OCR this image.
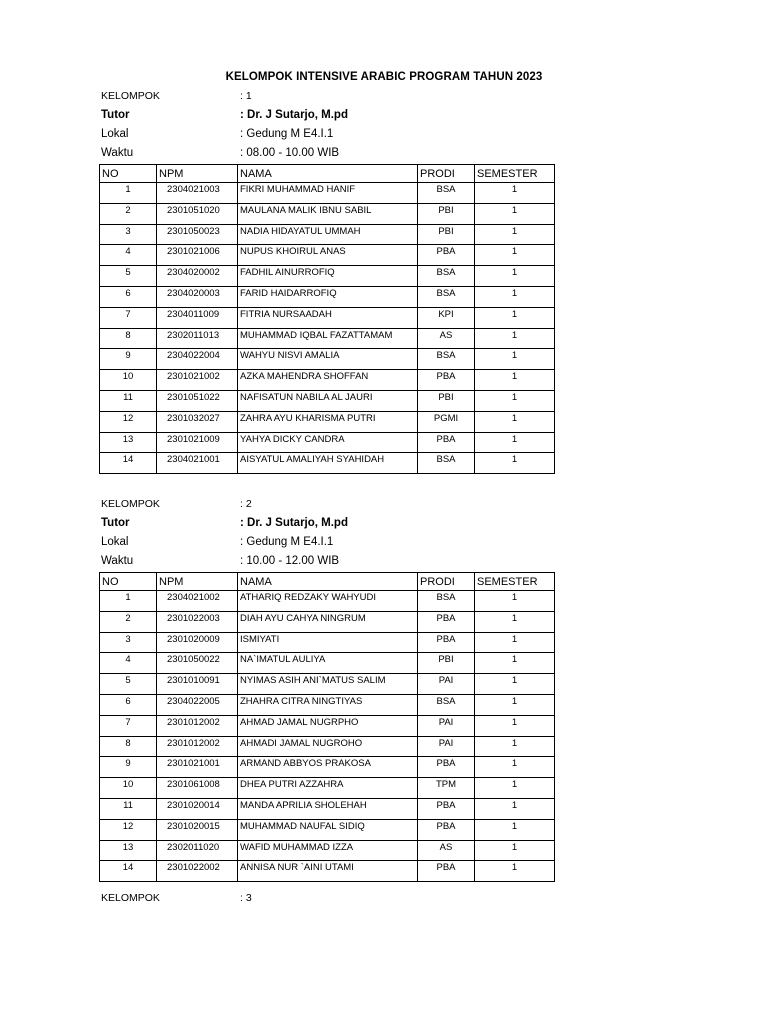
KELOMPOK INTENSIVE ARABIC PROGRAM TAHUN 2023
KELOMPOK	: 1
Tutor	: Dr. J Sutarjo, M.pd
Lokal	: Gedung M E4.I.1
Waktu	: 08.00 - 10.00 WIB
NO	NPM	NAMA	PRODI	SEMESTER
1	2304021003	FIKRI MUHAMMAD HANIF	BSA	1
2	2301051020	MAULANA MALIK IBNU SABIL	PBI	1
3	2301050023	NADIA HIDAYATUL UMMAH	PBI	1
4	2301021006	NUPUS KHOIRUL ANAS	PBA	1
5	2304020002	FADHIL AINURROFIQ	BSA	1
6	2304020003	FARID HAIDARROFIQ	BSA	1
7	2304011009	FITRIA NURSAADAH	KPI	1
8	2302011013	MUHAMMAD IQBAL FAZATTAMAM	AS	1
9	2304022004	WAHYU NISVI AMALIA	BSA	1
10	2301021002	AZKA MAHENDRA SHOFFAN	PBA	1
11	2301051022	NAFISATUN NABILA AL JAURI	PBI	1
12	2301032027	ZAHRA AYU KHARISMA PUTRI	PGMI	1
13	2301021009	YAHYA DICKY CANDRA	PBA	1
14	2304021001	AISYATUL AMALIYAH SYAHIDAH	BSA	1
KELOMPOK	: 2
Tutor	: Dr. J Sutarjo, M.pd
Lokal	: Gedung M E4.I.1
Waktu	: 10.00 - 12.00 WIB
NO	NPM	NAMA	PRODI	SEMESTER
1	2304021002	ATHARIQ REDZAKY WAHYUDI	BSA	1
2	2301022003	DIAH AYU CAHYA NINGRUM	PBA	1
3	2301020009	ISMIYATI	PBA	1
4	2301050022	NA`IMATUL AULIYA	PBI	1
5	2301010091	NYIMAS ASIH ANI`MATUS SALIM	PAI	1
6	2304022005	ZHAHRA CITRA NINGTIYAS	BSA	1
7	2301012002	AHMAD JAMAL NUGRPHO	PAI	1
8	2301012002	AHMADI JAMAL NUGROHO	PAI	1
9	2301021001	ARMAND ABBYOS PRAKOSA	PBA	1
10	2301061008	DHEA PUTRI AZZAHRA	TPM	1
11	2301020014	MANDA APRILIA SHOLEHAH	PBA	1
12	2301020015	MUHAMMAD NAUFAL SIDIQ	PBA	1
13	2302011020	WAFID MUHAMMAD IZZA	AS	1
14	2301022002	ANNISA NUR `AINI UTAMI	PBA	1
KELOMPOK	: 3
